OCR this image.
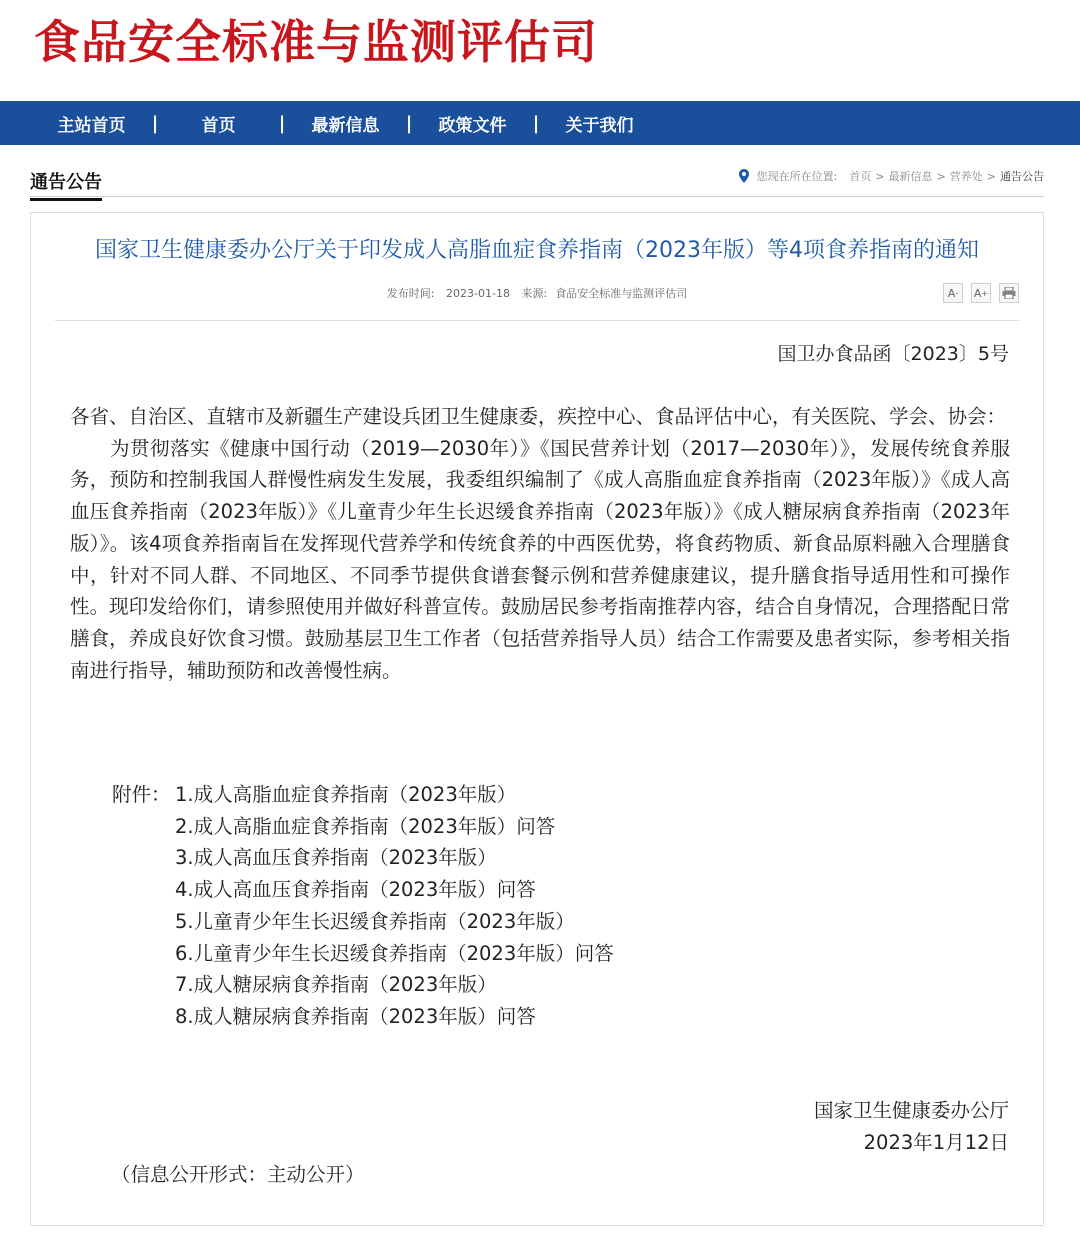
食品安全标准与监测评估司
主站首页	|	首页	|	最新信息	|	政策文件	|	关于我们
通告公告	您现在所在位置: 首页 > 最新信息 > 营养处 > 通告公告
国家卫生健康委办公厅关于印发成人高脂血症食养指南（2023年版）等4项食养指南的通知
发布时间: 2023-01-18 来源: 食品安全标准与监测评估司	A - A +
国卫办食品函〔2023〕5号

各省、自治区、直辖市及新疆生产建设兵团卫生健康委，疾控中心、食品评估中心，有关医院、学会、协会：

为贯彻落实《健康中国行动（2019—2030年）》《国民营养计划（2017—2030年）》，发展传统食养服务，预防和控制我国人群慢性病发生发展，我委组织编制了《成人高脂血症食养指南（2023年版）》《成人高血压食养指南（2023年版）》《儿童青少年生长迟缓食养指南（2023年版）》《成人糖尿病食养指南（2023年版）》。该4项食养指南旨在发挥现代营养学和传统食养的中西医优势，将食药物质、新食品原料融入合理膳食中，针对不同人群、不同地区、不同季节提供食谱套餐示例和营养健康建议，提升膳食指导适用性和可操作性。现印发给你们，请参照使用并做好科普宣传。鼓励居民参考指南推荐内容，结合自身情况，合理搭配日常膳食，养成良好饮食习惯。鼓励基层卫生工作者（包括营养指导人员）结合工作需要及患者实际，参考相关指南进行指导，辅助预防和改善慢性病。

附件： 1.成人高脂血症食养指南（2023年版）
2.成人高脂血症食养指南（2023年版）问答
3.成人高血压食养指南（2023年版）
4.成人高血压食养指南（2023年版）问答
5.儿童青少年生长迟缓食养指南（2023年版）
6.儿童青少年生长迟缓食养指南（2023年版）问答
7.成人糖尿病食养指南（2023年版）
8.成人糖尿病食养指南（2023年版）问答
国家卫生健康委办公厅
2023年1月12日
（信息公开形式：主动公开）
